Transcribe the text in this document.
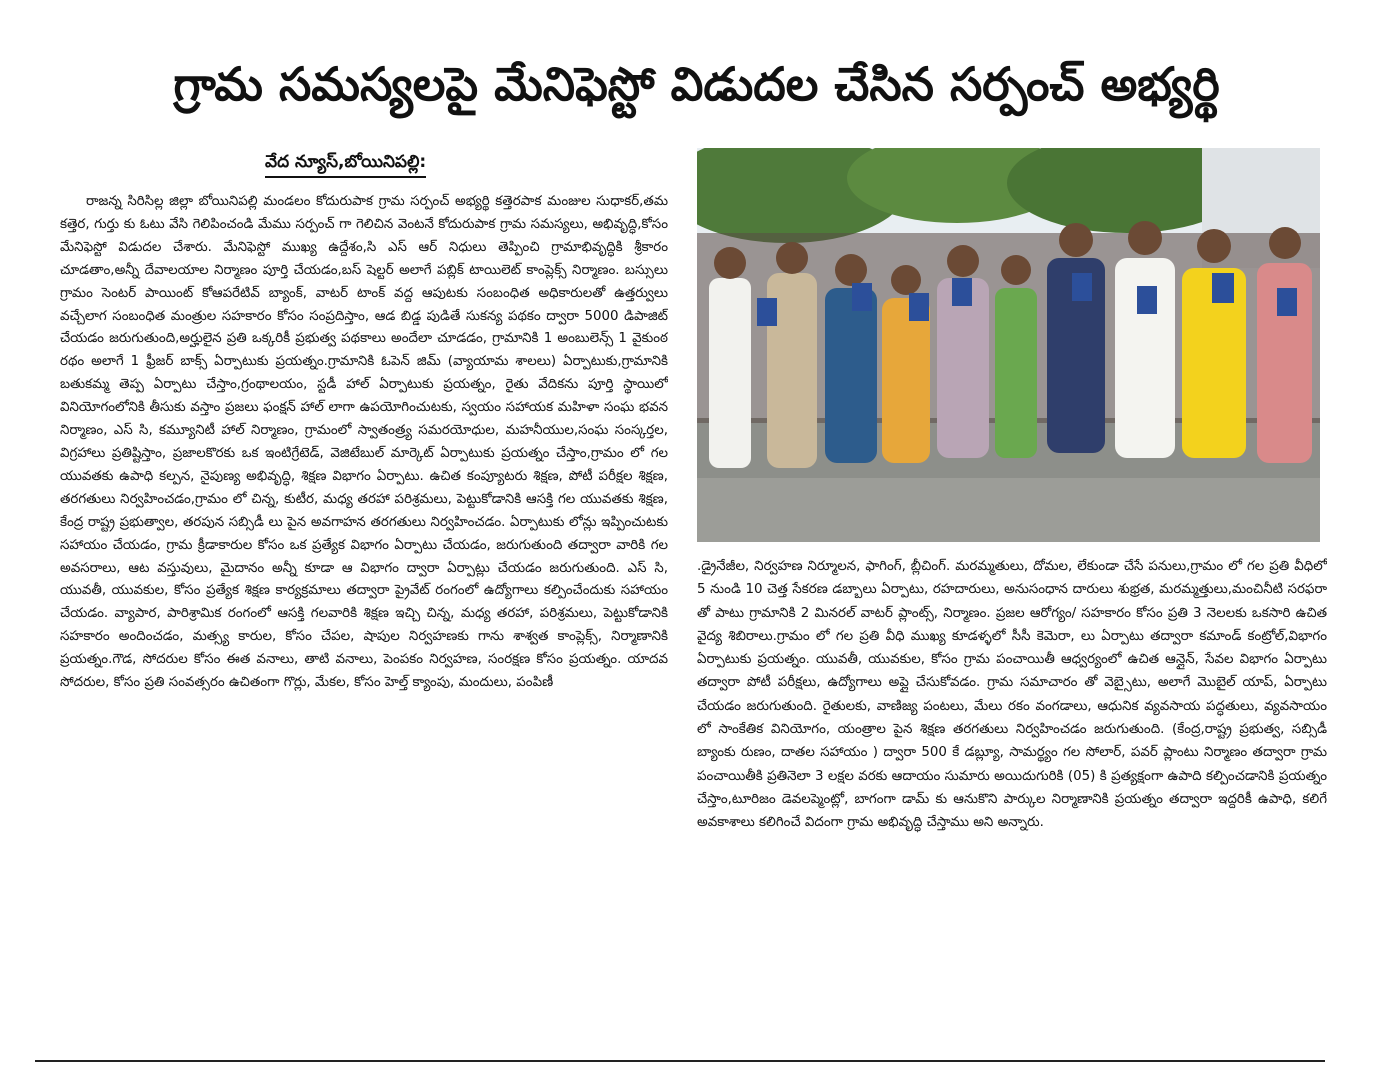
గ్రామ సమస్యలపై మేనిఫెస్టో విడుదల చేసిన సర్పంచ్ అభ్యర్థి
వేద న్యూస్,బోయినిపల్లి:

రాజన్న సిరిసిల్ల జిల్లా బోయినిపల్లి మండలం కోదురుపాక గ్రామ సర్పంచ్ అభ్యర్థి కత్తెరపాక మంజుల సుధాకర్,తమ కత్తెర, గుర్తు కు ఓటు వేసి గెలిపించండి మేము సర్పంచ్ గా గెలిచిన వెంటనే కోదురుపాక గ్రామ సమస్యలు, అభివృద్ధి,కోసం మేనిఫెస్టో విడుదల చేశారు. మేనిఫెస్టో ముఖ్య ఉద్దేశం,సి ఎస్ ఆర్ నిధులు తెప్పించి గ్రామాభివృద్ధికి శ్రీకారం చూడతాం,అన్నీ దేవాలయాల నిర్మాణం పూర్తి చేయడం,బస్ షెల్టర్ అలాగే పబ్లిక్ టాయిలెట్ కాంప్లెక్స్ నిర్మాణం. బస్సులు గ్రామం సెంటర్ పాయింట్ కోఆపరేటివ్ బ్యాంక్, వాటర్ టాంక్ వద్ద ఆపుటకు సంబంధిత అధికారులతో ఉత్తర్వులు వచ్చేలాగ సంబంధిత మంత్రుల సహకారం కోసం సంప్రదిస్తాం, ఆడ బిడ్డ పుడితే సుకన్య పథకం ద్వారా 5000 డిపాజిట్ చేయడం జరుగుతుంది,అర్హులైన ప్రతి ఒక్కరికీ ప్రభుత్వ పథకాలు అందేలా చూడడం, గ్రామానికి 1 అంబులెన్స్ 1 వైకుంఠ రథం అలాగే 1 ఫ్రీజర్ బాక్స్ ఏర్పాటుకు ప్రయత్నం.గ్రామానికి ఓపెన్ జిమ్ (వ్యాయామ శాలలు) ఏర్పాటుకు,గ్రామానికి బతుకమ్మ తెప్ప ఏర్పాటు చేస్తాం,గ్రంథాలయం, స్టడీ హాల్ ఏర్పాటుకు ప్రయత్నం, రైతు వేదికను పూర్తి స్థాయిలో వినియోగంలోనికి తీసుకు వస్తాం ప్రజలు ఫంక్షన్ హాల్ లాగా ఉపయోగించుటకు, స్వయం సహాయక మహిళా సంఘ భవన నిర్మాణం, ఎస్ సి, కమ్యూనిటీ హాల్ నిర్మాణం, గ్రామంలో స్వాతంత్ర్య సమరయోధుల, మహనీయుల,సంఘ సంస్కర్తల, విగ్రహాలు ప్రతిష్టిస్తాం, ప్రజాలకొరకు ఒక ఇంటిగ్రేటెడ్, వెజిటేబుల్ మార్కెట్ ఏర్పాటుకు ప్రయత్నం చేస్తాం,గ్రామం లో గల యువతకు ఉపాధి కల్పన, నైపుణ్య అభివృద్ధి, శిక్షణ విభాగం ఏర్పాటు. ఉచిత కంప్యూటరు శిక్షణ, పోటీ పరీక్షల శిక్షణ, తరగతులు నిర్వహించడం,గ్రామం లో చిన్న, కుటీర, మధ్య తరహా పరిశ్రమలు, పెట్టుకోడానికి ఆసక్తి గల యువతకు శిక్షణ, కేంద్ర రాష్ట్ర ప్రభుత్వాల, తరపున సబ్సిడీ లు పైన అవగాహన తరగతులు నిర్వహించడం. ఏర్పాటుకు లోన్లు ఇప్పించుటకు సహాయం చేయడం, గ్రామ క్రీడాకారుల కోసం ఒక ప్రత్యేక విభాగం ఏర్పాటు చేయడం, జరుగుతుంది తద్వారా వారికి గల అవసరాలు, ఆట వస్తువులు, మైదానం అన్నీ కూడా ఆ విభాగం ద్వారా ఏర్పాట్లు చేయడం జరుగుతుంది. ఎస్ సి, యువతీ, యువకుల, కోసం ప్రత్యేక శిక్షణ కార్యక్రమాలు తద్వారా ప్రైవేట్ రంగంలో ఉద్యోగాలు కల్పించేందుకు సహాయం చేయడం. వ్యాపార, పారిశ్రామిక రంగంలో ఆసక్తి గలవారికి శిక్షణ ఇచ్చి చిన్న, మధ్య తరహా, పరిశ్రమలు, పెట్టుకోడానికి సహకారం అందించడం, మత్స్య కారుల, కోసం చేపల, షాపుల నిర్వహణకు గాను శాశ్వత కాంప్లెక్స్, నిర్మాణానికి ప్రయత్నం.గౌడ, సోదరుల కోసం ఈత వనాలు, తాటి వనాలు, పెంపకం నిర్వహణ, సంరక్షణ కోసం ప్రయత్నం. యాదవ సోదరుల, కోసం ప్రతి సంవత్సరం ఉచితంగా గొర్లు, మేకల, కోసం హెల్త్ క్యాంపు, మందులు, పంపిణీ

.డ్రైనేజీల, నిర్వహణ నిర్మూలన, ఫాగింగ్, బ్లీచింగ్. మరమ్మతులు, దోమల, లేకుండా చేసే పనులు,గ్రామం లో గల ప్రతి వీధిలో 5 నుండి 10 చెత్త సేకరణ డబ్బాలు ఏర్పాటు, రహదారులు, అనుసంధాన దారులు శుభ్రత, మరమ్మత్తులు,మంచినీటి సరఫరా తో పాటు గ్రామానికి 2 మినరల్ వాటర్ ప్లాంట్స్, నిర్మాణం. ప్రజల ఆరోగ్యం/ సహకారం కోసం ప్రతి 3 నెలలకు ఒకసారి ఉచిత వైద్య శిబిరాలు.గ్రామం లో గల ప్రతి వీధి ముఖ్య కూడళ్ళలో సీసీ కెమెరా, లు ఏర్పాటు తద్వారా కమాండ్ కంట్రోల్,విభాగం ఏర్పాటుకు ప్రయత్నం. యువతీ, యువకుల, కోసం గ్రామ పంచాయితీ ఆధ్వర్యంలో ఉచిత ఆన్లైన్, సేవల విభాగం ఏర్పాటు తద్వారా పోటీ పరీక్షలు, ఉద్యోగాలు అప్లై చేసుకోవడం. గ్రామ సమాచారం తో వెబ్సైటు, అలాగే మొబైల్ యాప్, ఏర్పాటు చేయడం జరుగుతుంది. రైతులకు, వాణిజ్య పంటలు, మేలు రకం వంగడాలు, ఆధునిక వ్యవసాయ పద్ధతులు, వ్యవసాయం లో సాంకేతిక వినియోగం, యంత్రాల పైన శిక్షణ తరగతులు నిర్వహించడం జరుగుతుంది. (కేంద్ర,రాష్ట్ర ప్రభుత్వ, సబ్సిడీ బ్యాంకు రుణం, దాతల సహాయం ) ద్వారా 500 కే డబ్ల్యూ, సామర్థ్యం గల సోలార్, పవర్ ప్లాంటు నిర్మాణం తద్వారా గ్రామ పంచాయితీకి ప్రతినెలా 3 లక్షల వరకు ఆదాయం సుమారు అయిదుగురికి (05) కి ప్రత్యక్షంగా ఉపాది కల్పించడానికి ప్రయత్నం చేస్తాం,టూరిజం డెవలప్మెంట్లో, బాగంగా డామ్ కు ఆనుకొని పార్కుల నిర్మాణానికి ప్రయత్నం తద్వారా ఇద్దరికీ ఉపాధి, కలిగే అవకాశాలు కలిగించే విదంగా గ్రామ అభివృద్ధి చేస్తాము అని అన్నారు.
